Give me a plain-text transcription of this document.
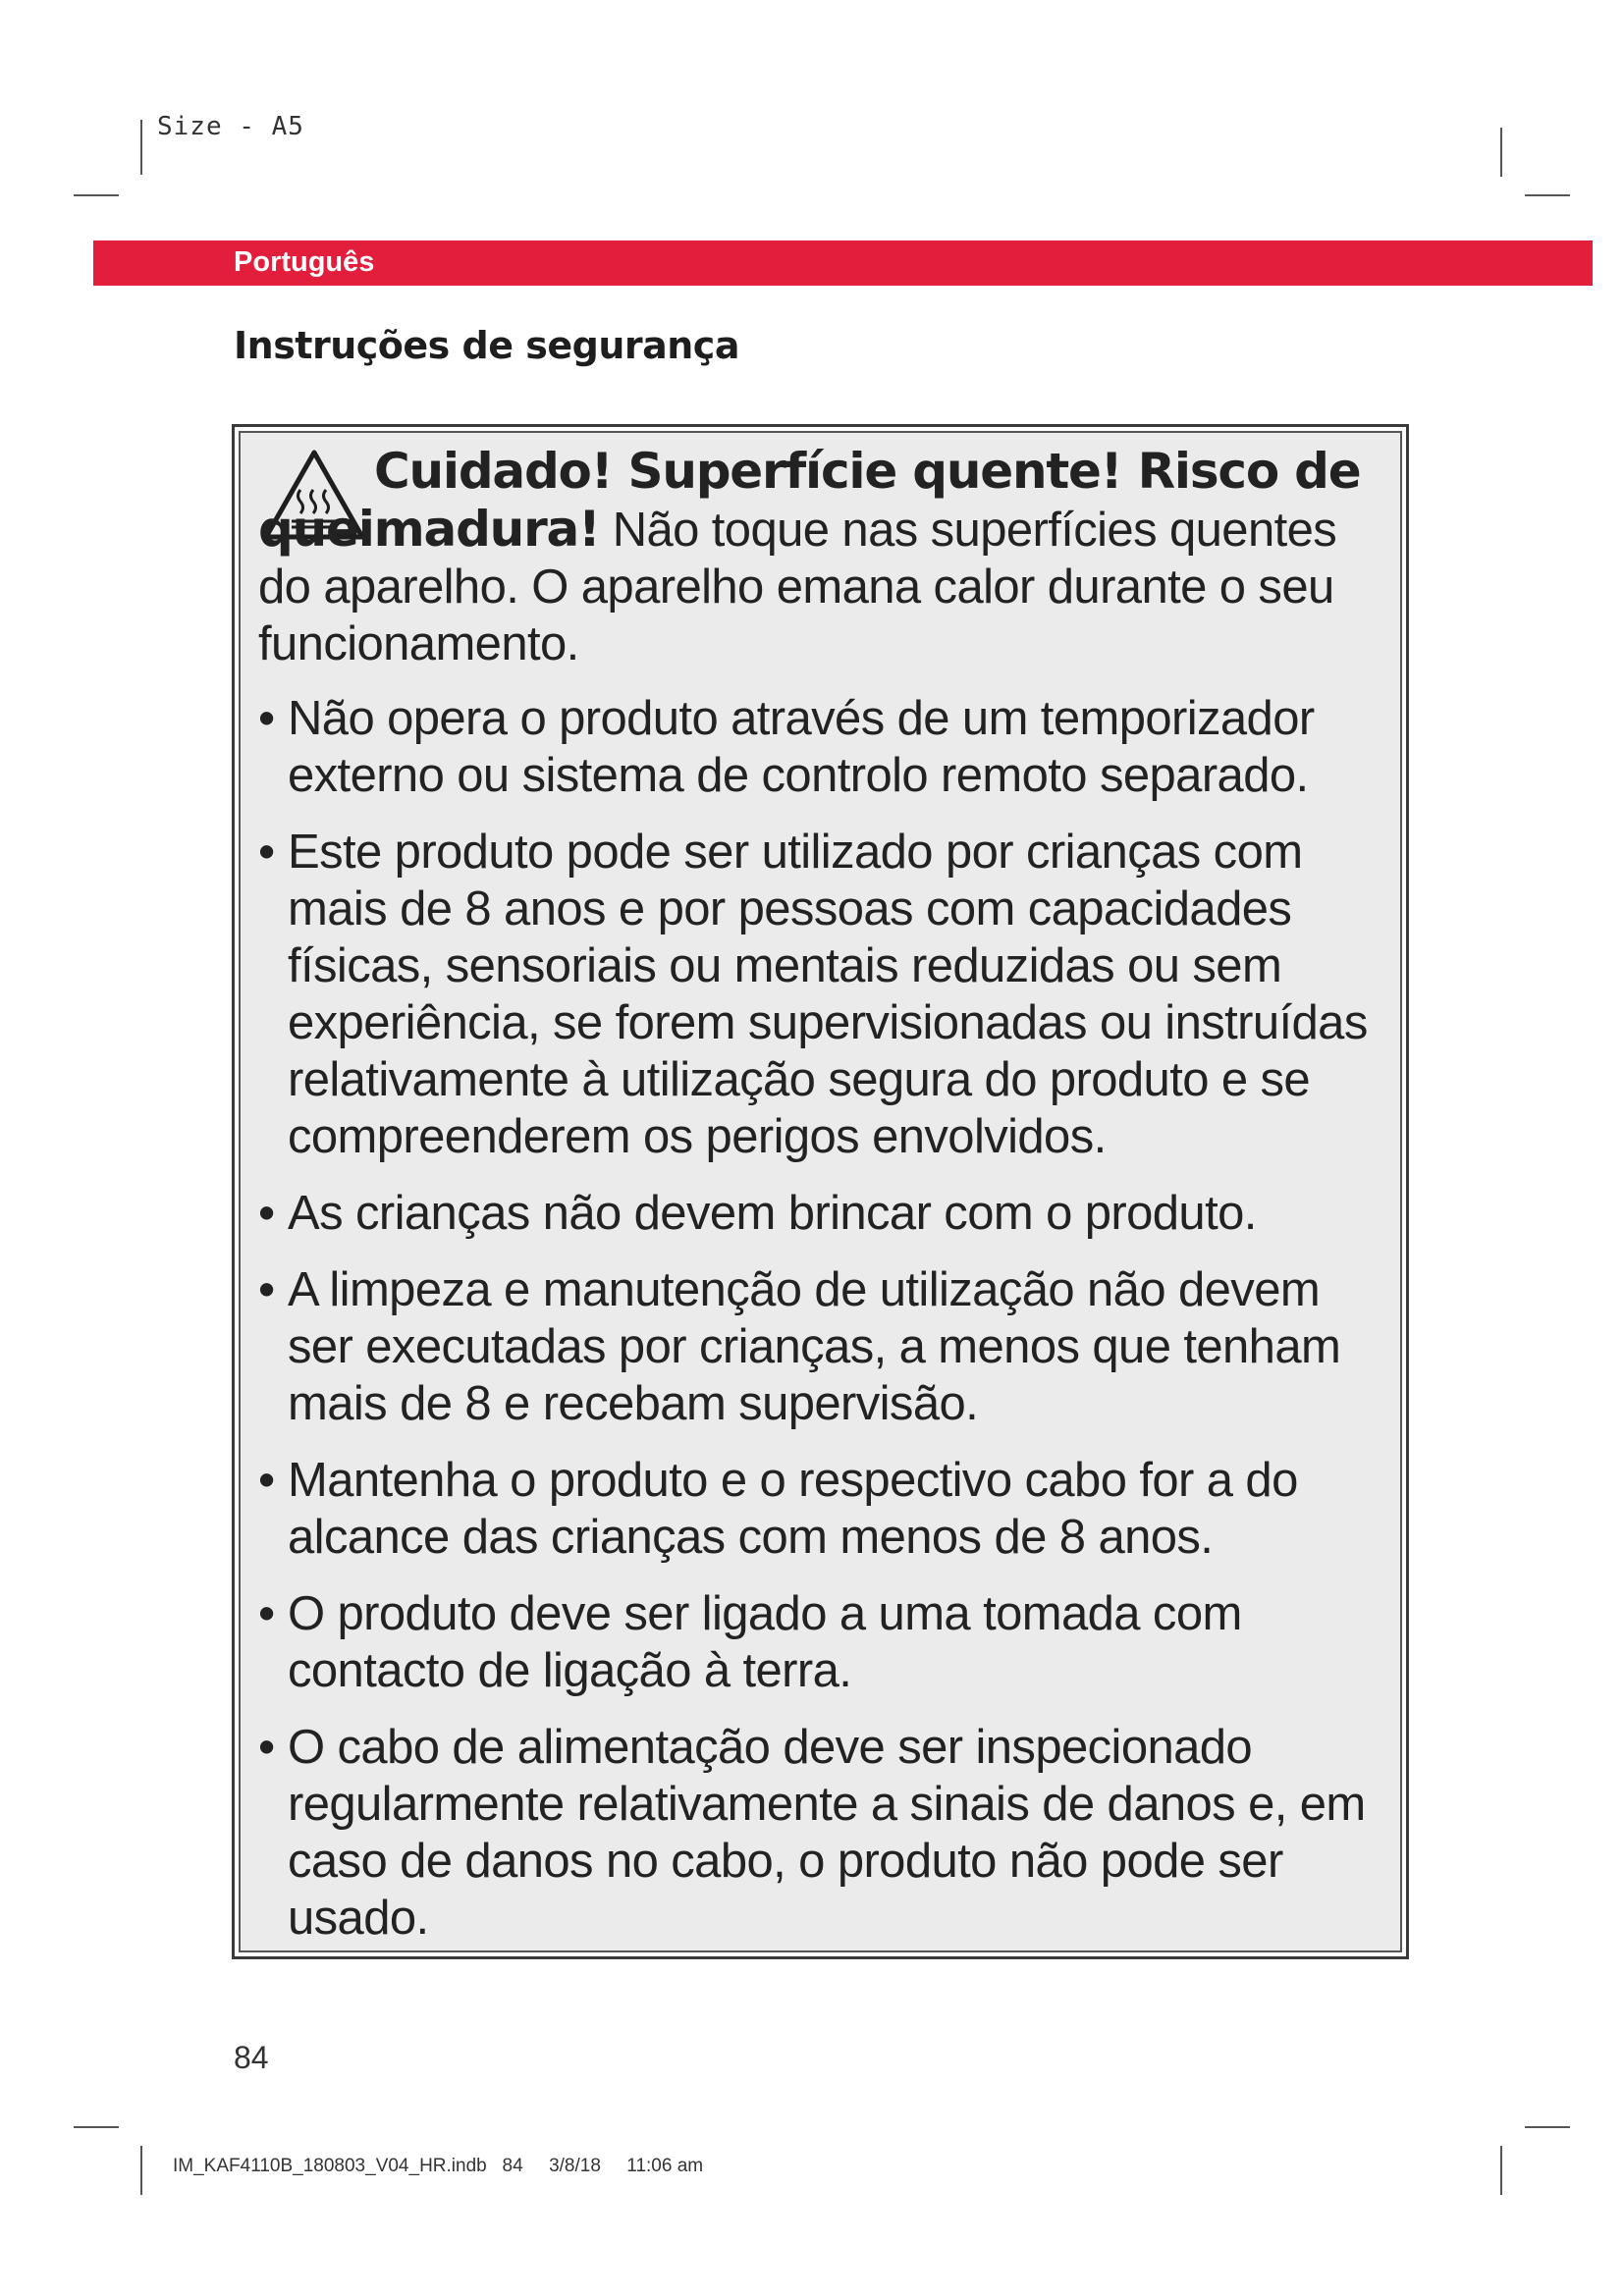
Size - A5
Português
Instruções de segurança

Cuidado! Superfície quente! Risco de queimadura! Não toque nas superfícies quentes do aparelho. O aparelho emana calor durante o seu funcionamento.

• Não opera o produto através de um temporizador externo ou sistema de controlo remoto separado.
• Este produto pode ser utilizado por crianças com mais de 8 anos e por pessoas com capacidades físicas, sensoriais ou mentais reduzidas ou sem experiência, se forem supervisionadas ou instruídas relativamente à utilização segura do produto e se compreenderem os perigos envolvidos.
• As crianças não devem brincar com o produto.
• A limpeza e manutenção de utilização não devem ser executadas por crianças, a menos que tenham mais de 8 e recebam supervisão.
• Mantenha o produto e o respectivo cabo for a do alcance das crianças com menos de 8 anos.
• O produto deve ser ligado a uma tomada com contacto de ligação à terra.
• O cabo de alimentação deve ser inspecionado regularmente relativamente a sinais de danos e, em caso de danos no cabo, o produto não pode ser usado.
84
IM_KAF4110B_180803_V04_HR.indb   84     3/8/18     11:06 am
